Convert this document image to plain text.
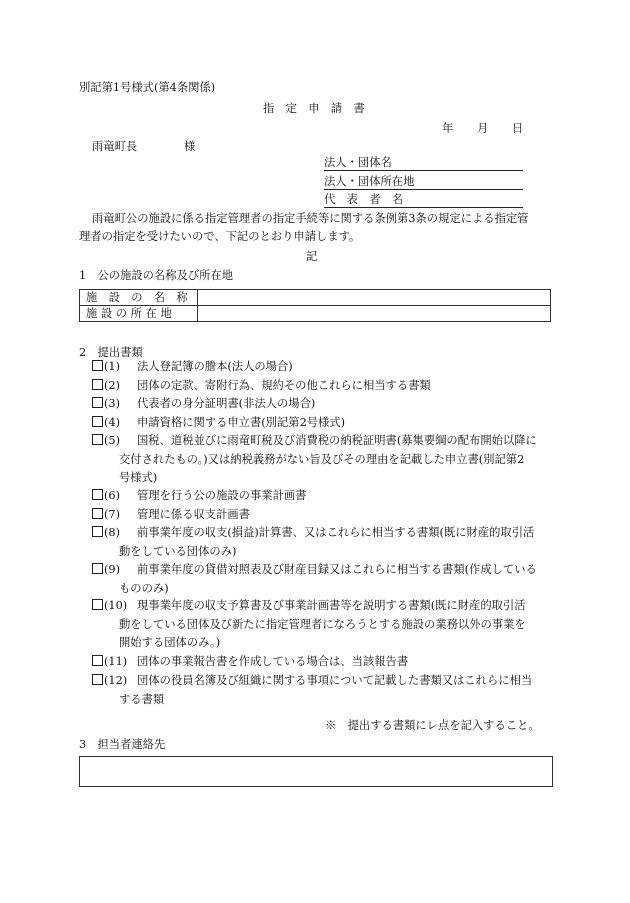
別記第1号様式(第4条関係)
指　定　申　請　書
年 月 日
雨竜町長	様
法人・団体名
法人・団体所在地
代　表　者　名
雨竜町公の施設に係る指定管理者の指定手続等に関する条例第3条の規定による指定管
理者の指定を受けたいので、下記のとおり申請します。
記
1　公の施設の名称及び所在地
施　設　の　名　称	
施 設 の 所 在 地	
2　提出書類
(1) 法人登記簿の謄本(法人の場合)
(2) 団体の定款、寄附行為、規約その他これらに相当する書類
(3) 代表者の身分証明書(非法人の場合)
(4) 申請資格に関する申立書(別記第2号様式)
(5) 国税、道税並びに雨竜町税及び消費税の納税証明書(募集要綱の配布開始以降に
交付されたもの。)又は納税義務がない旨及びその理由を記載した申立書(別記第2
号様式)
(6) 管理を行う公の施設の事業計画書
(7) 管理に係る収支計画書
(8) 前事業年度の収支(損益)計算書、又はこれらに相当する書類(既に財産的取引活
動をしている団体のみ)
(9) 前事業年度の貸借対照表及び財産目録又はこれらに相当する書類(作成している
もののみ)
(10) 現事業年度の収支予算書及び事業計画書等を説明する書類(既に財産的取引活
動をしている団体及び新たに指定管理者になろうとする施設の業務以外の事業を
開始する団体のみ。)
(11) 団体の事業報告書を作成している場合は、当該報告書
(12) 団体の役員名簿及び組織に関する事項について記載した書類又はこれらに相当
する書類
※　提出する書類にレ点を記入すること。
3　担当者連絡先
